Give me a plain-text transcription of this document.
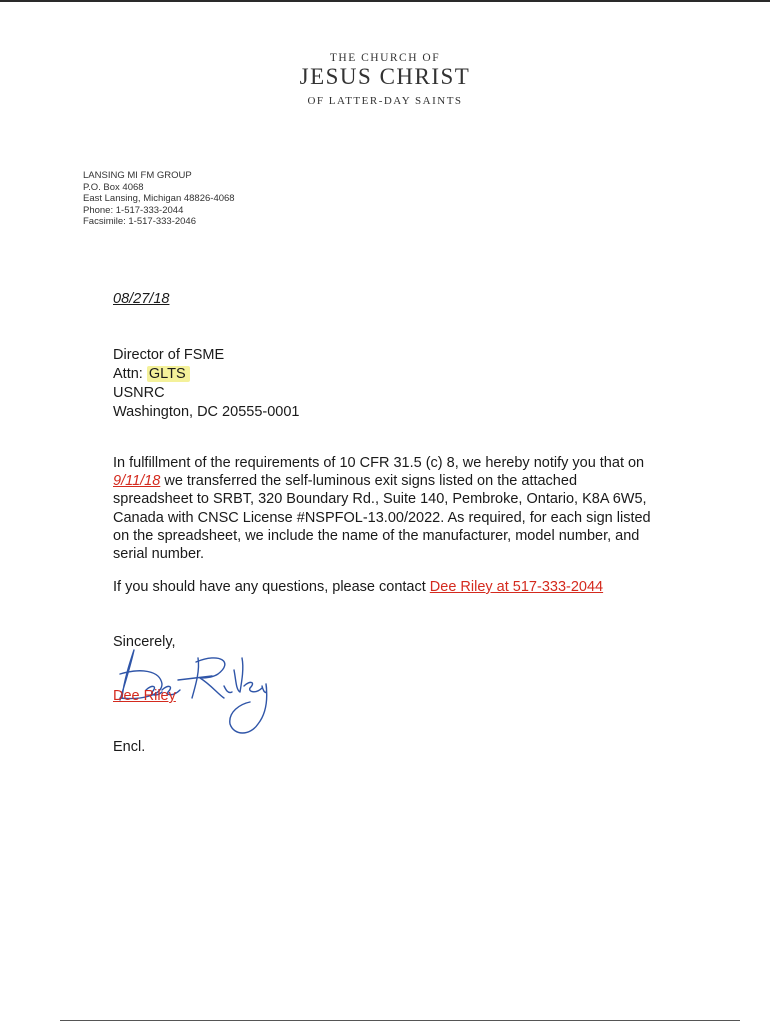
THE CHURCH OF
JESUS CHRIST
OF LATTER-DAY SAINTS
LANSING MI FM GROUP
P.O. Box 4068
East Lansing, Michigan 48826-4068
Phone: 1-517-333-2044
Facsimile: 1-517-333-2046
08/27/18
Director of FSME
Attn: GLTS
USNRC
Washington, DC 20555-0001
In fulfillment of the requirements of 10 CFR 31.5 (c) 8, we hereby notify you that on 9/11/18 we transferred the self-luminous exit signs listed on the attached spreadsheet to SRBT, 320 Boundary Rd., Suite 140, Pembroke, Ontario, K8A 6W5, Canada with CNSC License #NSPFOL-13.00/2022. As required, for each sign listed on the spreadsheet, we include the name of the manufacturer, model number, and serial number.
If you should have any questions, please contact Dee Riley at 517-333-2044
Sincerely,
Dee Riley
Encl.
